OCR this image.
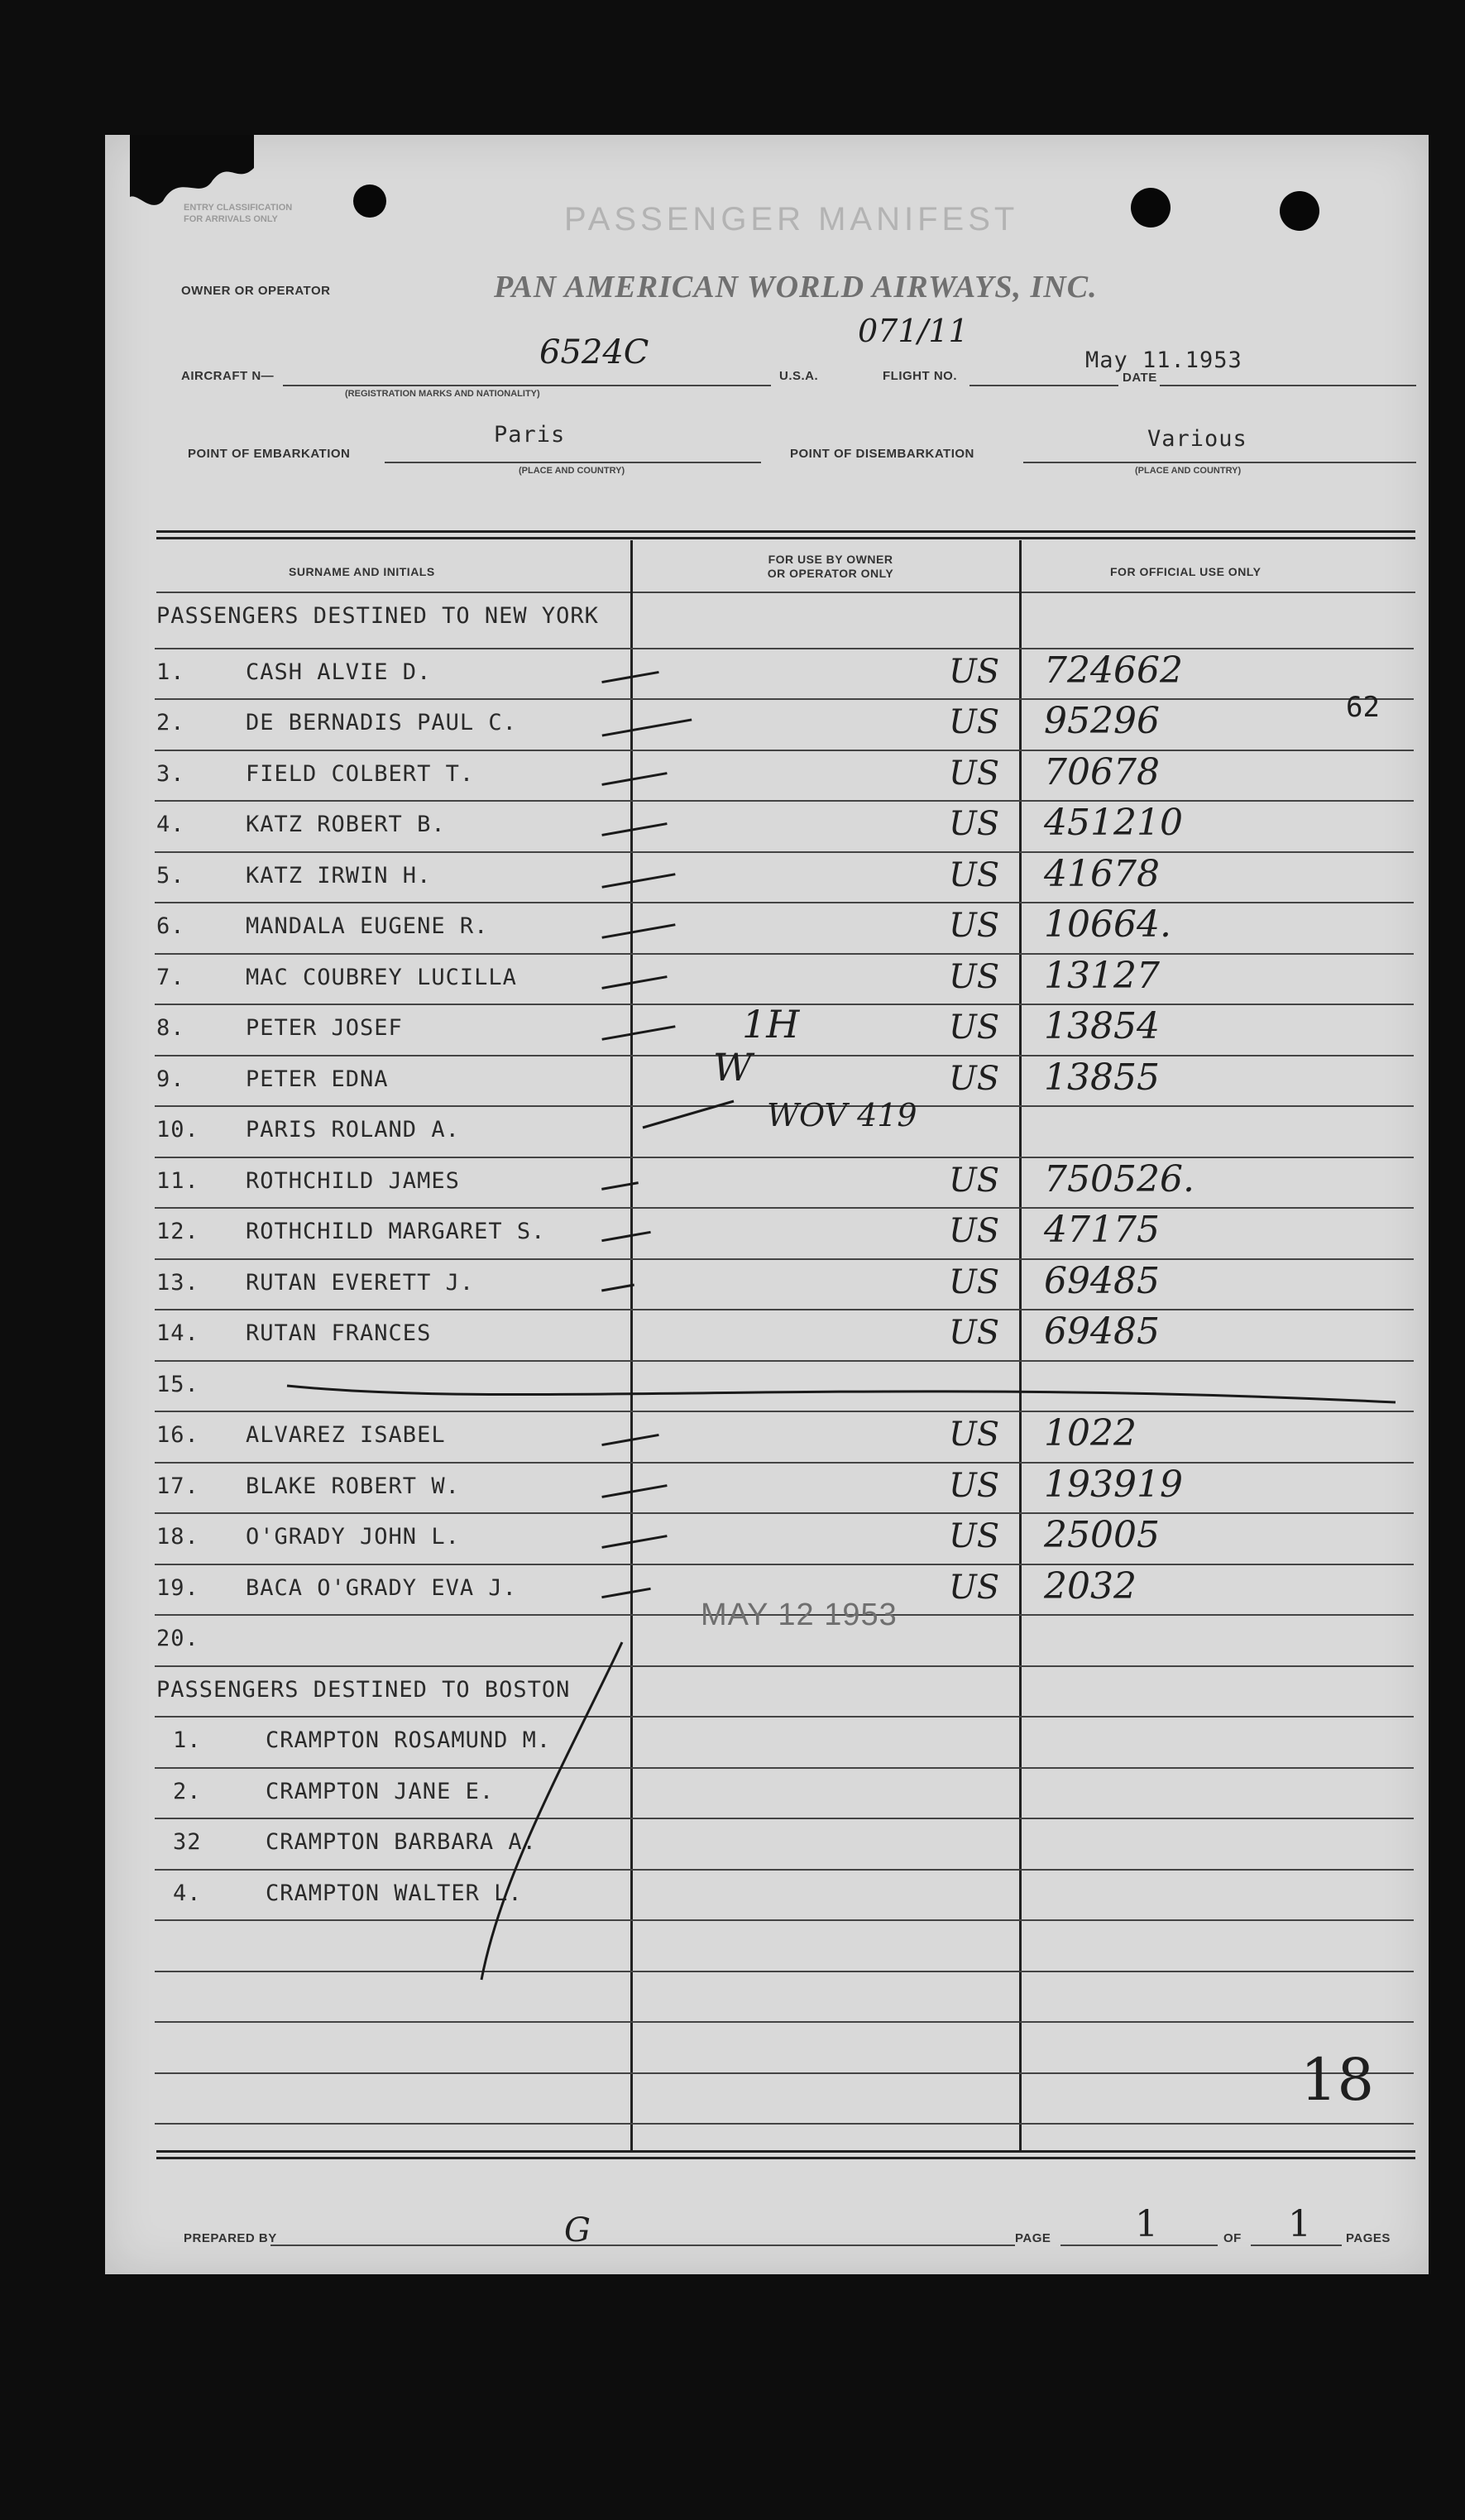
ENTRY CLASSIFICATION
FOR ARRIVALS ONLY	PASSENGER MANIFEST
OWNER OR OPERATOR	PAN AMERICAN WORLD AIRWAYS, INC.
AIRCRAFT N—
6524C
(REGISTRATION MARKS AND NATIONALITY)
U.S.A.	FLIGHT NO.
071/11
DATE
May 11.1953
POINT OF EMBARKATION
Paris
(PLACE AND COUNTRY)
POINT OF DISEMBARKATION
Various
(PLACE AND COUNTRY)
SURNAME AND INITIALS
FOR USE BY OWNER
OR OPERATOR ONLY	FOR OFFICIAL USE ONLY
PASSENGERS DESTINED TO NEW YORK
1.	CASH ALVIE D.	US 724662
2.	DE BERNADIS PAUL C.	US 95296
3.	FIELD COLBERT T.	US 70678
4.	KATZ ROBERT B.	US 451210
5.	KATZ IRWIN H.	US 41678
6.	MANDALA EUGENE R.	US 10664.
7.	MAC COUBREY LUCILLA	US 13127
8.	PETER JOSEF	US 13854
9.	PETER EDNA	US 13855
10.	PARIS ROLAND A.
11.	ROTHCHILD JAMES	US 750526.
12.	ROTHCHILD MARGARET S.	US 47175
13.	RUTAN EVERETT J.	US 69485
14.	RUTAN FRANCES	US 69485
15.
16.	ALVAREZ ISABEL	US 1022
17.	BLAKE ROBERT W.	US 193919
18.	O'GRADY JOHN L.	US 25005
19.	BACA O'GRADY EVA J.	US 2032
20.
PASSENGERS DESTINED TO BOSTON
1.	CRAMPTON ROSAMUND M.
2.	CRAMPTON JANE E.
32	CRAMPTON BARBARA A.
4.	CRAMPTON WALTER L.
62
1H
W
WOV 419
MAY 12 1953
18
PREPARED BY	G	PAGE 1	OF 1	PAGES
